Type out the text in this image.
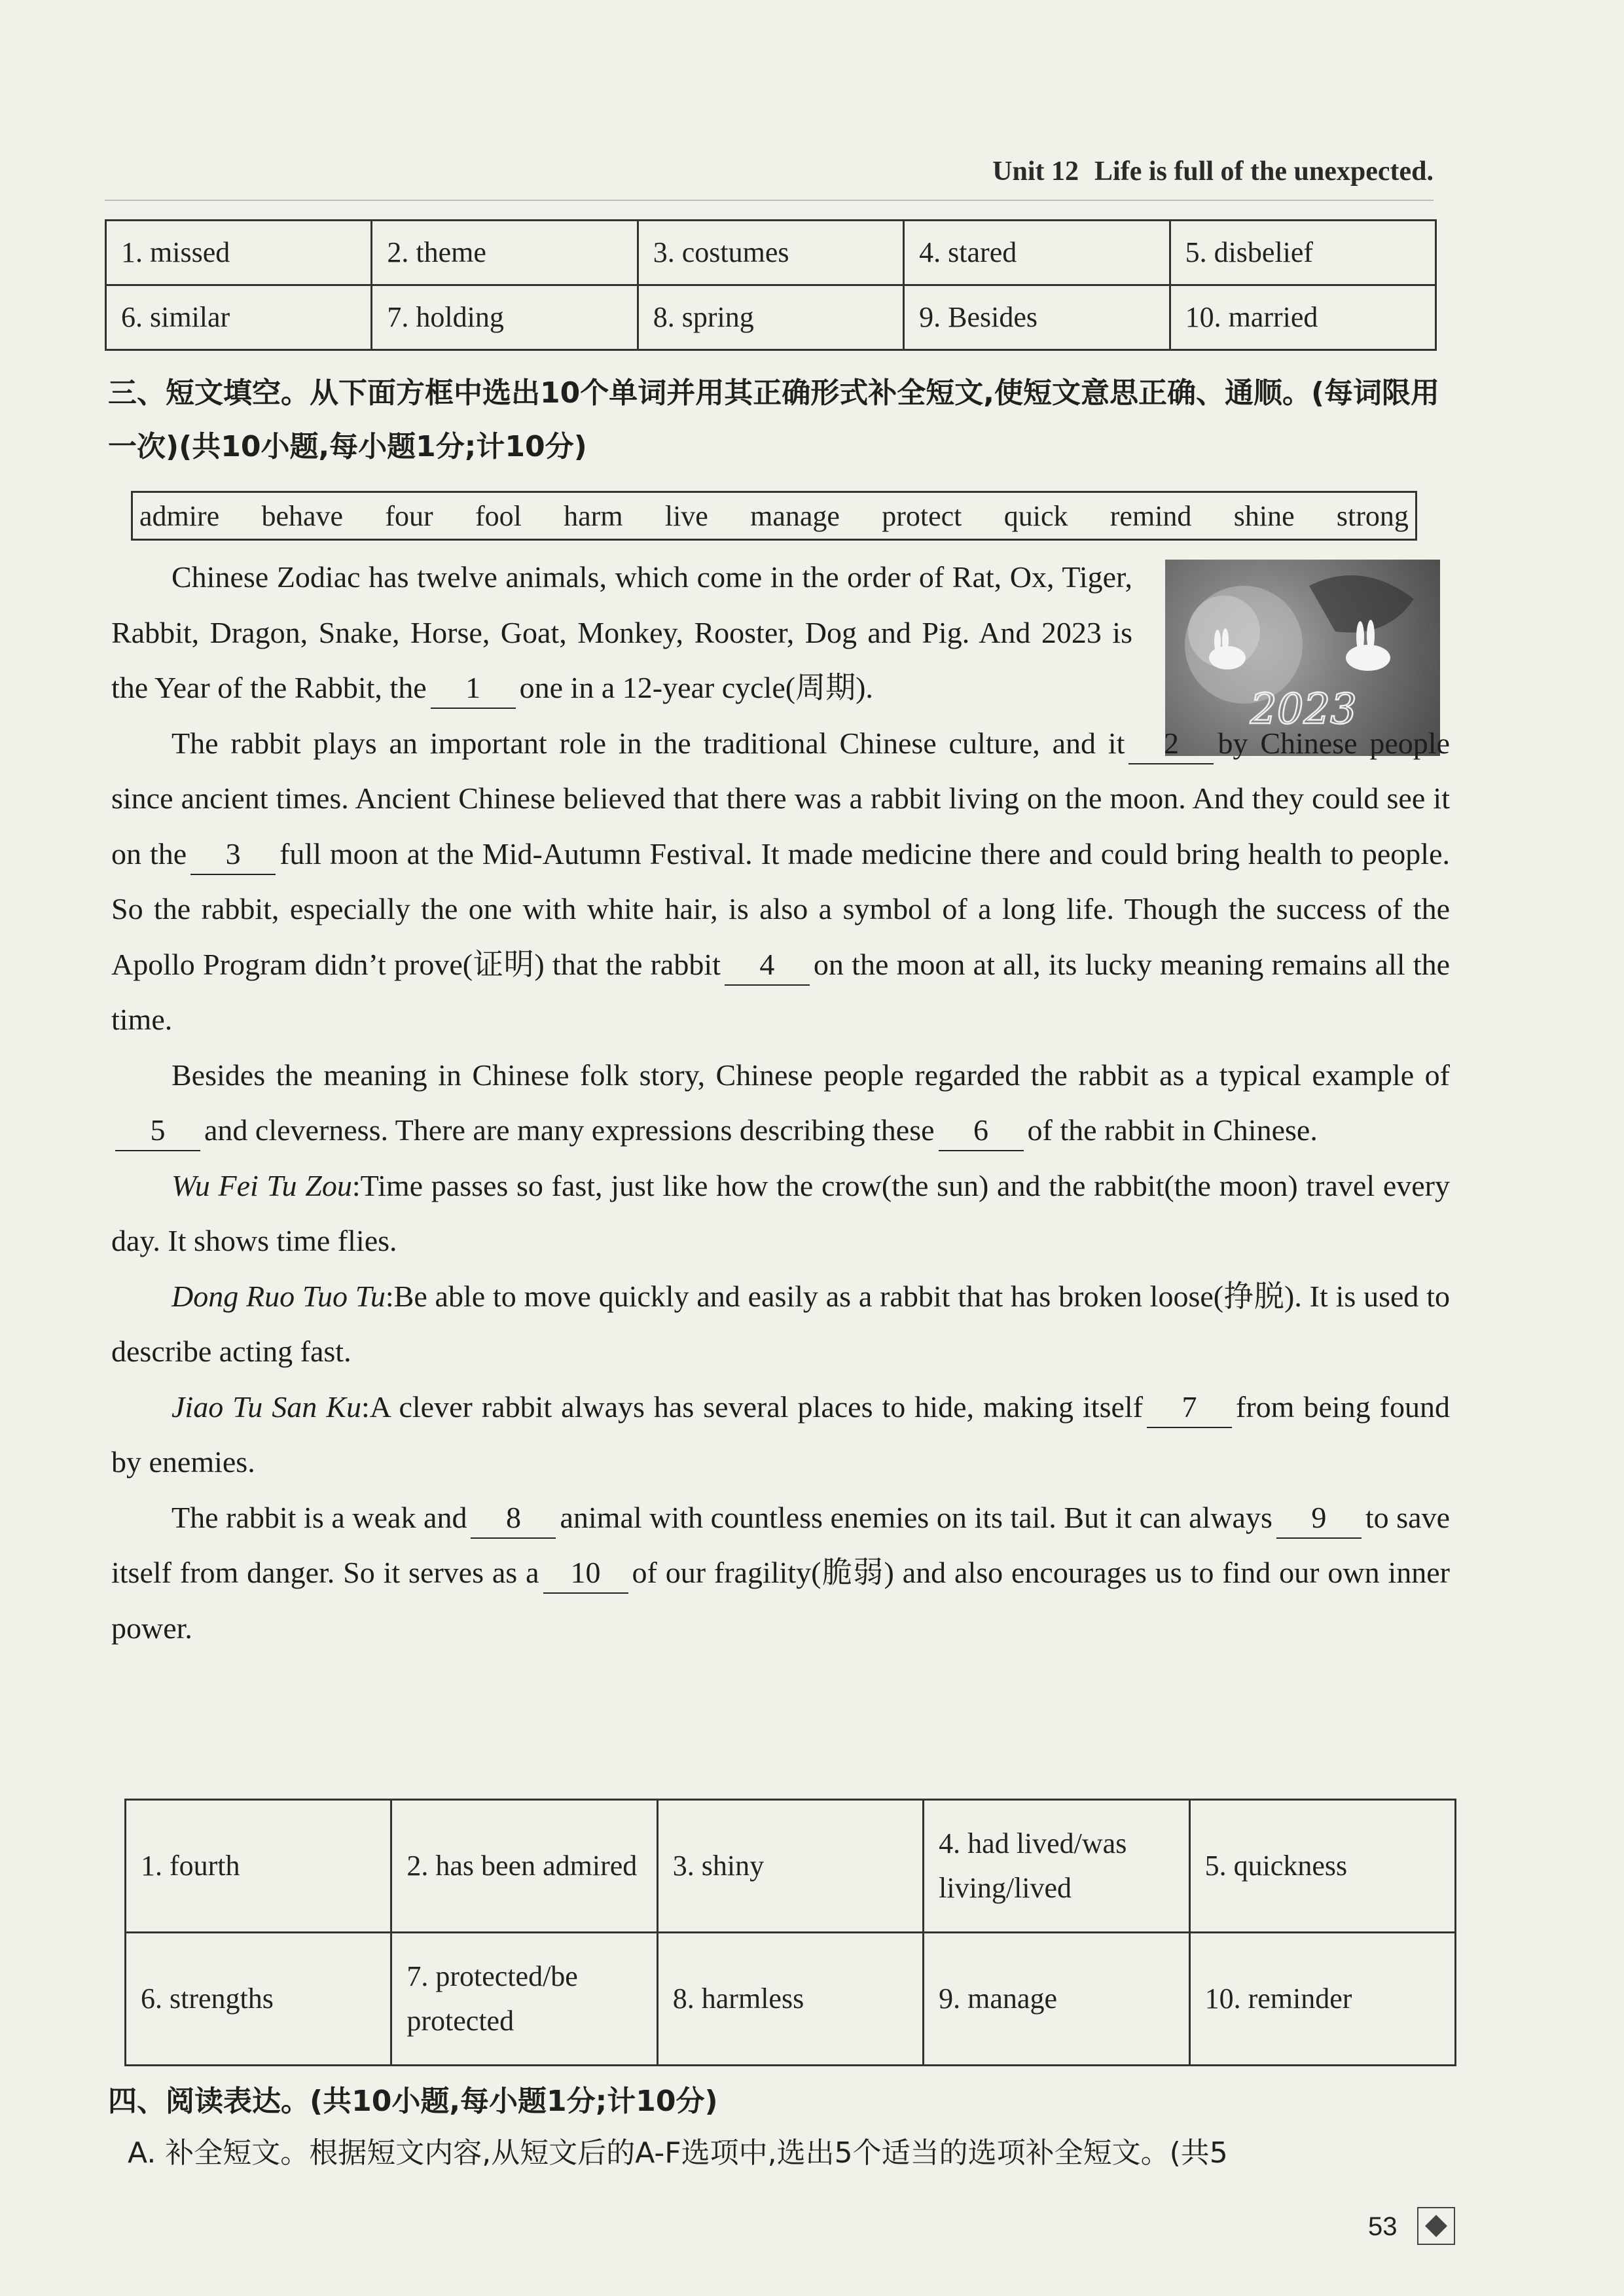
Unit 12 Life is full of the unexpected.
1. missed	2. theme	3. costumes	4. stared	5. disbelief
6. similar	7. holding	8. spring	9. Besides	10. married
三、短文填空。从下面方框中选出10个单词并用其正确形式补全短文,使短文意思正确、通顺。(每词限用一次)(共10小题,每小题1分;计10分)
admire behave four fool harm live manage protect quick remind shine strong
2023

Chinese Zodiac has twelve animals, which come in the order of Rat, Ox, Tiger, Rabbit, Dragon, Snake, Horse, Goat, Monkey, Rooster, Dog and Pig. And 2023 is the Year of the Rabbit, the 1 one in a 12-year cycle(周期).

The rabbit plays an important role in the traditional Chinese culture, and it 2 by Chinese people since ancient times. Ancient Chinese believed that there was a rabbit living on the moon. And they could see it on the 3 full moon at the Mid-Autumn Festival. It made medicine there and could bring health to people. So the rabbit, especially the one with white hair, is also a symbol of a long life. Though the success of the Apollo Program didn’t prove(证明) that the rabbit 4 on the moon at all, its lucky meaning remains all the time.

Besides the meaning in Chinese folk story, Chinese people regarded the rabbit as a typical example of5 and cleverness. There are many expressions describing these 6 of the rabbit in Chinese.

Wu Fei Tu Zou:Time passes so fast, just like how the crow(the sun) and the rabbit(the moon) travel every day. It shows time flies.

Dong Ruo Tuo Tu:Be able to move quickly and easily as a rabbit that has broken loose(挣脱). It is used to describe acting fast.

Jiao Tu San Ku:A clever rabbit always has several places to hide, making itself 7 from being found by enemies.

The rabbit is a weak and 8 animal with countless enemies on its tail. But it can always 9 to save itself from danger. So it serves as a 10 of our fragility(脆弱) and also encourages us to find our own inner power.

1. fourth	2. has been admired	3. shiny	4. had lived/was living/lived	5. quickness
6. strengths	7. protected/be protected	8. harmless	9. manage	10. reminder
四、阅读表达。(共10小题,每小题1分;计10分)
A. 补全短文。根据短文内容,从短文后的A-F选项中,选出5个适当的选项补全短文。(共5
53
